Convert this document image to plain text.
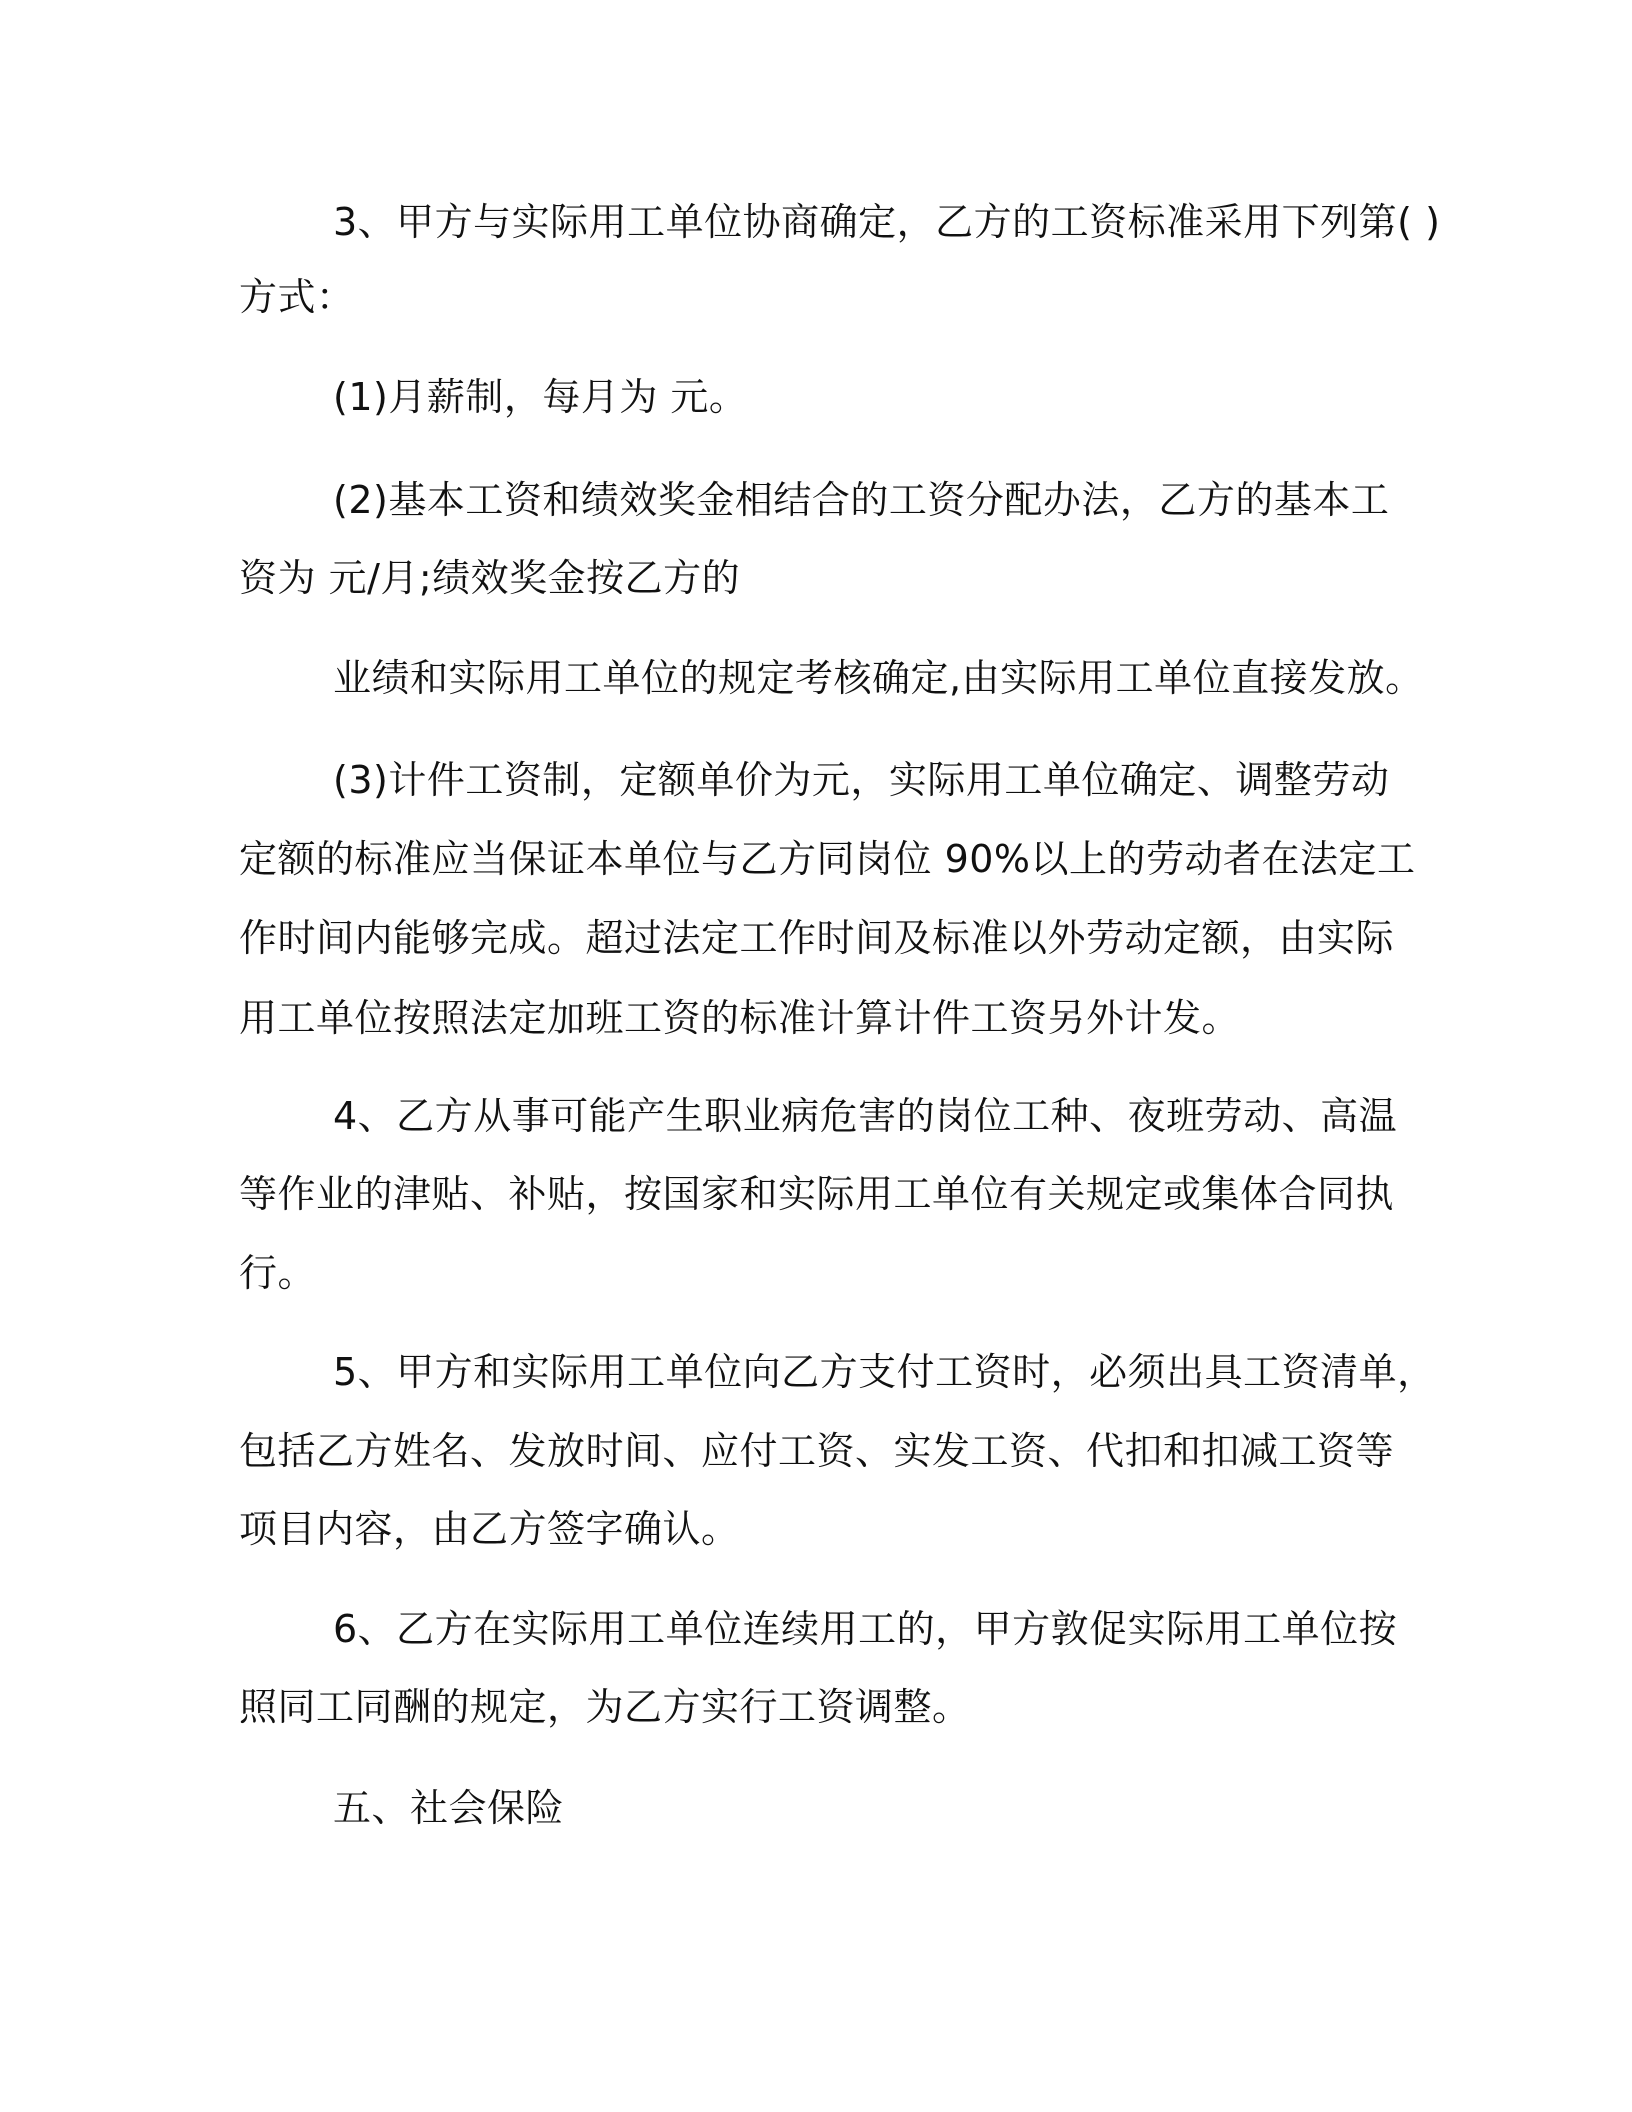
3、甲方与实际用工单位协商确定，乙方的工资标准采用下列第( )
方式：
(1)月薪制，每月为 元。
(2)基本工资和绩效奖金相结合的工资分配办法，乙方的基本工
资为 元/月;绩效奖金按乙方的
业绩和实际用工单位的规定考核确定,由实际用工单位直接发放。
(3)计件工资制，定额单价为元，实际用工单位确定、调整劳动
定额的标准应当保证本单位与乙方同岗位 90%以上的劳动者在法定工
作时间内能够完成。超过法定工作时间及标准以外劳动定额，由实际
用工单位按照法定加班工资的标准计算计件工资另外计发。
4、乙方从事可能产生职业病危害的岗位工种、夜班劳动、高温
等作业的津贴、补贴，按国家和实际用工单位有关规定或集体合同执
行。
5、甲方和实际用工单位向乙方支付工资时，必须出具工资清单，
包括乙方姓名、发放时间、应付工资、实发工资、代扣和扣减工资等
项目内容，由乙方签字确认。
6、乙方在实际用工单位连续用工的，甲方敦促实际用工单位按
照同工同酬的规定，为乙方实行工资调整。
五、社会保险
